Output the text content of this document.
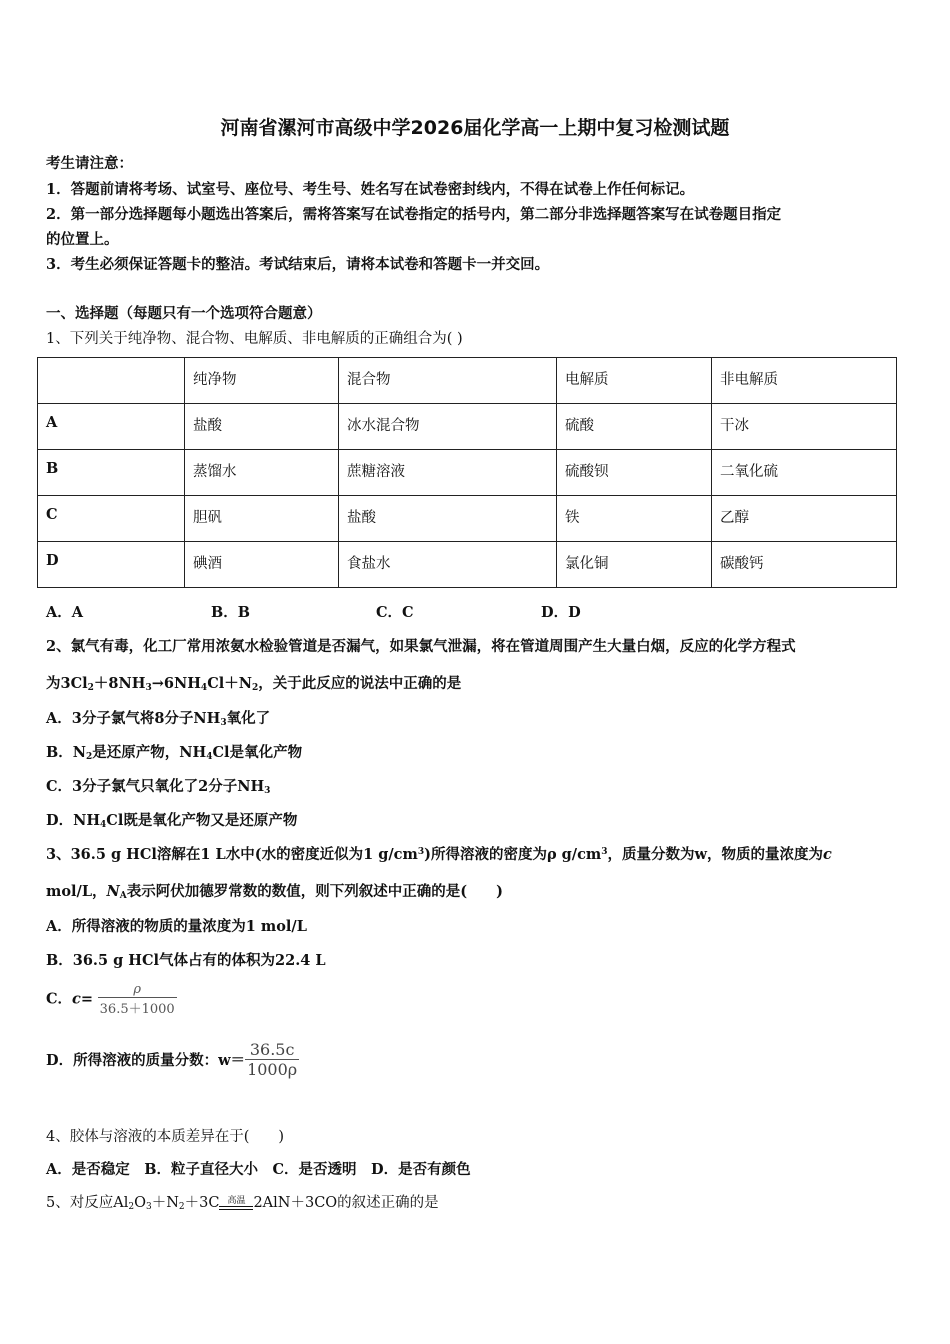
河南省漯河市高级中学2026届化学高一上期中复习检测试题
考生请注意：
1．答题前请将考场、试室号、座位号、考生号、姓名写在试卷密封线内，不得在试卷上作任何标记。
2．第一部分选择题每小题选出答案后，需将答案写在试卷指定的括号内，第二部分非选择题答案写在试卷题目指定
的位置上。
3．考生必须保证答题卡的整洁。考试结束后，请将本试卷和答题卡一并交回。
一、选择题（每题只有一个选项符合题意）
1、下列关于纯净物、混合物、电解质、非电解质的正确组合为( )
	纯净物	混合物	电解质	非电解质
A	盐酸	冰水混合物	硫酸	干冰
B	蒸馏水	蔗糖溶液	硫酸钡	二氧化硫
C	胆矾	盐酸	铁	乙醇
D	碘酒	食盐水	氯化铜	碳酸钙
A．A	B．B	C．C	D．D
2、氯气有毒，化工厂常用浓氨水检验管道是否漏气，如果氯气泄漏，将在管道周围产生大量白烟，反应的化学方程式
为$3Cl_2+8NH_3\to 6NH_4Cl+N_2$，关于此反应的说法中正确的是
A．3分子氯气将8分子$NH_3$氧化了
B．$N_2$是还原产物，$NH_4Cl$是氧化产物
C．3分子氯气只氧化了2分子$NH_3$
D．$NH_4Cl$既是氧化产物又是还原产物
3、36.5 g HCl溶解在1 L水中(水的密度近似为1 $g/cm^3$)所得溶液的密度为ρ $g/cm^3$，质量分数为w，物质的量浓度为c
mol/L，$N_A$表示阿伏加德罗常数的数值，则下列叙述中正确的是(　　)
A．所得溶液的物质的量浓度为1 mol/L
B．36.5 g HCl气体占有的体积为22.4 L
C．$c= \frac{\rho}{36.5+1000}$
D．所得溶液的质量分数：$w= \frac{36.5c}{1000\rho}$
4、胶体与溶液的本质差异在于(　　)
A．是否稳定　B．粒子直径大小　C．是否透明　D．是否有颜色
5、对反应$Al_2O_3+N_2+3C$ 高温 2AlN＋3CO的叙述正确的是
